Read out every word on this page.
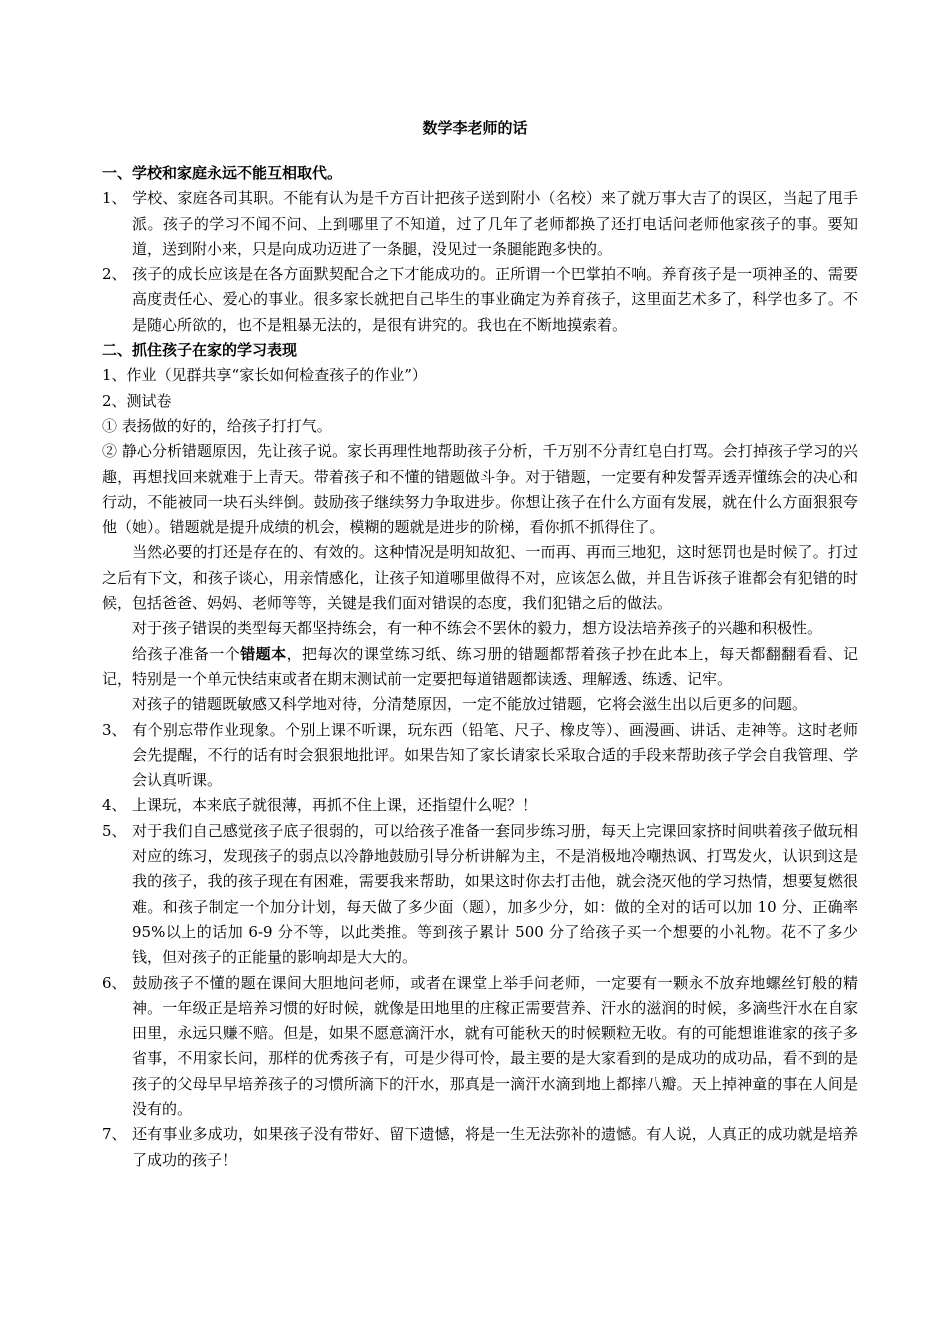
数学李老师的话

一、学校和家庭永远不能互相取代。

1、 学校、家庭各司其职。不能有认为是千方百计把孩子送到附小（名校）来了就万事大吉了的误区，当起了甩手派。孩子的学习不闻不问、上到哪里了不知道，过了几年了老师都换了还打电话问老师他家孩子的事。要知道，送到附小来，只是向成功迈进了一条腿，没见过一条腿能跑多快的。

2、 孩子的成长应该是在各方面默契配合之下才能成功的。正所谓一个巴掌拍不响。养育孩子是一项神圣的、需要高度责任心、爱心的事业。很多家长就把自己毕生的事业确定为养育孩子，这里面艺术多了，科学也多了。不是随心所欲的，也不是粗暴无法的，是很有讲究的。我也在不断地摸索着。

二、抓住孩子在家的学习表现

1、作业（见群共享“家长如何检查孩子的作业”）

2、测试卷

① 表扬做的好的，给孩子打打气。

② 静心分析错题原因，先让孩子说。家长再理性地帮助孩子分析，千万别不分青红皂白打骂。会打掉孩子学习的兴趣，再想找回来就难于上青天。带着孩子和不懂的错题做斗争。对于错题，一定要有种发誓弄透弄懂练会的决心和行动，不能被同一块石头绊倒。鼓励孩子继续努力争取进步。你想让孩子在什么方面有发展，就在什么方面狠狠夸他（她）。错题就是提升成绩的机会，模糊的题就是进步的阶梯，看你抓不抓得住了。

当然必要的打还是存在的、有效的。这种情况是明知故犯、一而再、再而三地犯，这时惩罚也是时候了。打过之后有下文，和孩子谈心，用亲情感化，让孩子知道哪里做得不对，应该怎么做，并且告诉孩子谁都会有犯错的时候，包括爸爸、妈妈、老师等等，关键是我们面对错误的态度，我们犯错之后的做法。

对于孩子错误的类型每天都坚持练会，有一种不练会不罢休的毅力，想方设法培养孩子的兴趣和积极性。

给孩子准备一个错题本，把每次的课堂练习纸、练习册的错题都帮着孩子抄在此本上，每天都翻翻看看、记记，特别是一个单元快结束或者在期末测试前一定要把每道错题都读透、理解透、练透、记牢。

对孩子的错题既敏感又科学地对待，分清楚原因，一定不能放过错题，它将会滋生出以后更多的问题。

3、 有个别忘带作业现象。个别上课不听课，玩东西（铅笔、尺子、橡皮等）、画漫画、讲话、走神等。这时老师会先提醒，不行的话有时会狠狠地批评。如果告知了家长请家长采取合适的手段来帮助孩子学会自我管理、学会认真听课。

4、 上课玩，本来底子就很薄，再抓不住上课，还指望什么呢？！

5、 对于我们自己感觉孩子底子很弱的，可以给孩子准备一套同步练习册，每天上完课回家挤时间哄着孩子做玩相对应的练习，发现孩子的弱点以冷静地鼓励引导分析讲解为主，不是消极地冷嘲热讽、打骂发火，认识到这是我的孩子，我的孩子现在有困难，需要我来帮助，如果这时你去打击他，就会浇灭他的学习热情，想要复燃很难。和孩子制定一个加分计划，每天做了多少面（题），加多少分，如：做的全对的话可以加 10 分、正确率 95%以上的话加 6-9 分不等，以此类推。等到孩子累计 500 分了给孩子买一个想要的小礼物。花不了多少钱，但对孩子的正能量的影响却是大大的。

6、 鼓励孩子不懂的题在课间大胆地问老师，或者在课堂上举手问老师，一定要有一颗永不放弃地螺丝钉般的精神。一年级正是培养习惯的好时候，就像是田地里的庄稼正需要营养、汗水的滋润的时候，多滴些汗水在自家田里，永远只赚不赔。但是，如果不愿意滴汗水，就有可能秋天的时候颗粒无收。有的可能想谁谁家的孩子多省事，不用家长问，那样的优秀孩子有，可是少得可怜，最主要的是大家看到的是成功的成功品，看不到的是孩子的父母早早培养孩子的习惯所滴下的汗水，那真是一滴汗水滴到地上都摔八瓣。天上掉神童的事在人间是没有的。

7、 还有事业多成功，如果孩子没有带好、留下遗憾，将是一生无法弥补的遗憾。有人说，人真正的成功就是培养了成功的孩子！
